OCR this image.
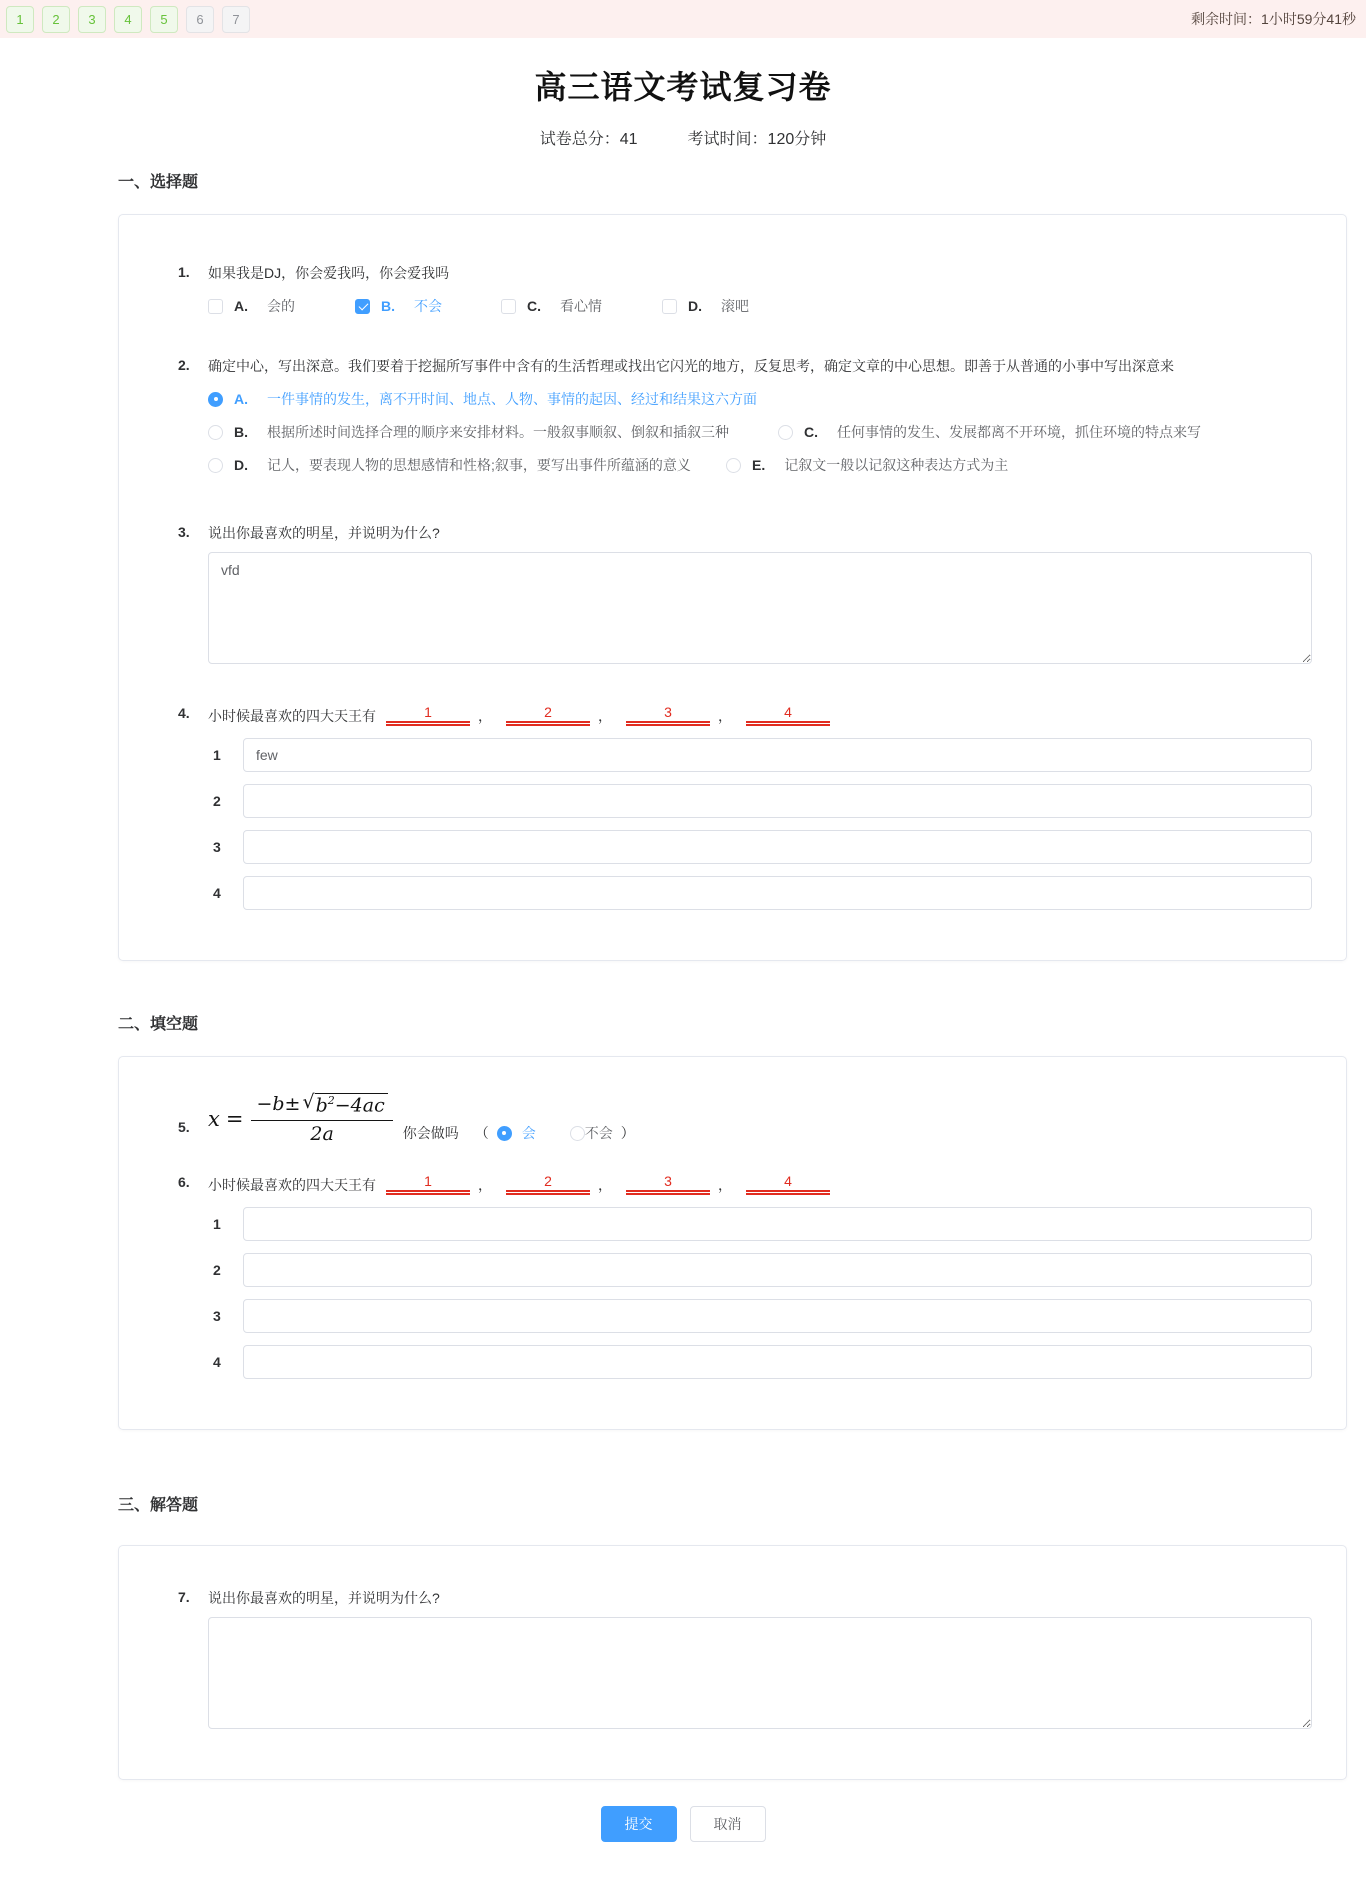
1	2	3	4	5	6	7	剩余时间：1小时59分41秒
高三语文考试复习卷
试卷总分：41	考试时间：120分钟
一、选择题
1.	如果我是DJ，你会爱我吗，你会爱我吗
A. 会的	B. 不会	C. 看心情	D. 滚吧
2.	确定中心，写出深意。我们要着于挖掘所写事件中含有的生活哲理或找出它闪光的地方，反复思考，确定文章的中心思想。即善于从普通的小事中写出深意来
A. 一件事情的发生，离不开时间、地点、人物、事情的起因、经过和结果这六方面
B. 根据所述时间选择合理的顺序来安排材料。一般叙事顺叙、倒叙和插叙三种	C. 任何事情的发生、发展都离不开环境，抓住环境的特点来写
D. 记人，要表现人物的思想感情和性格;叙事，要写出事件所蕴涵的意义	E. 记叙文一般以记叙这种表达方式为主
3.	说出你最喜欢的明星，并说明为什么?
vfd
4.	小时候最喜欢的四大天王有	1	，	2	，	3	，	4
1
few
2
3
4
二、填空题
5. x =
−b± √ $b^2-4ac$
2a	你会做吗 （ 会	不会 ）
6.	小时候最喜欢的四大天王有	1	，	2	，	3	，	4
1
2
3
4
三、解答题
7.	说出你最喜欢的明星，并说明为什么?
提交	取消
